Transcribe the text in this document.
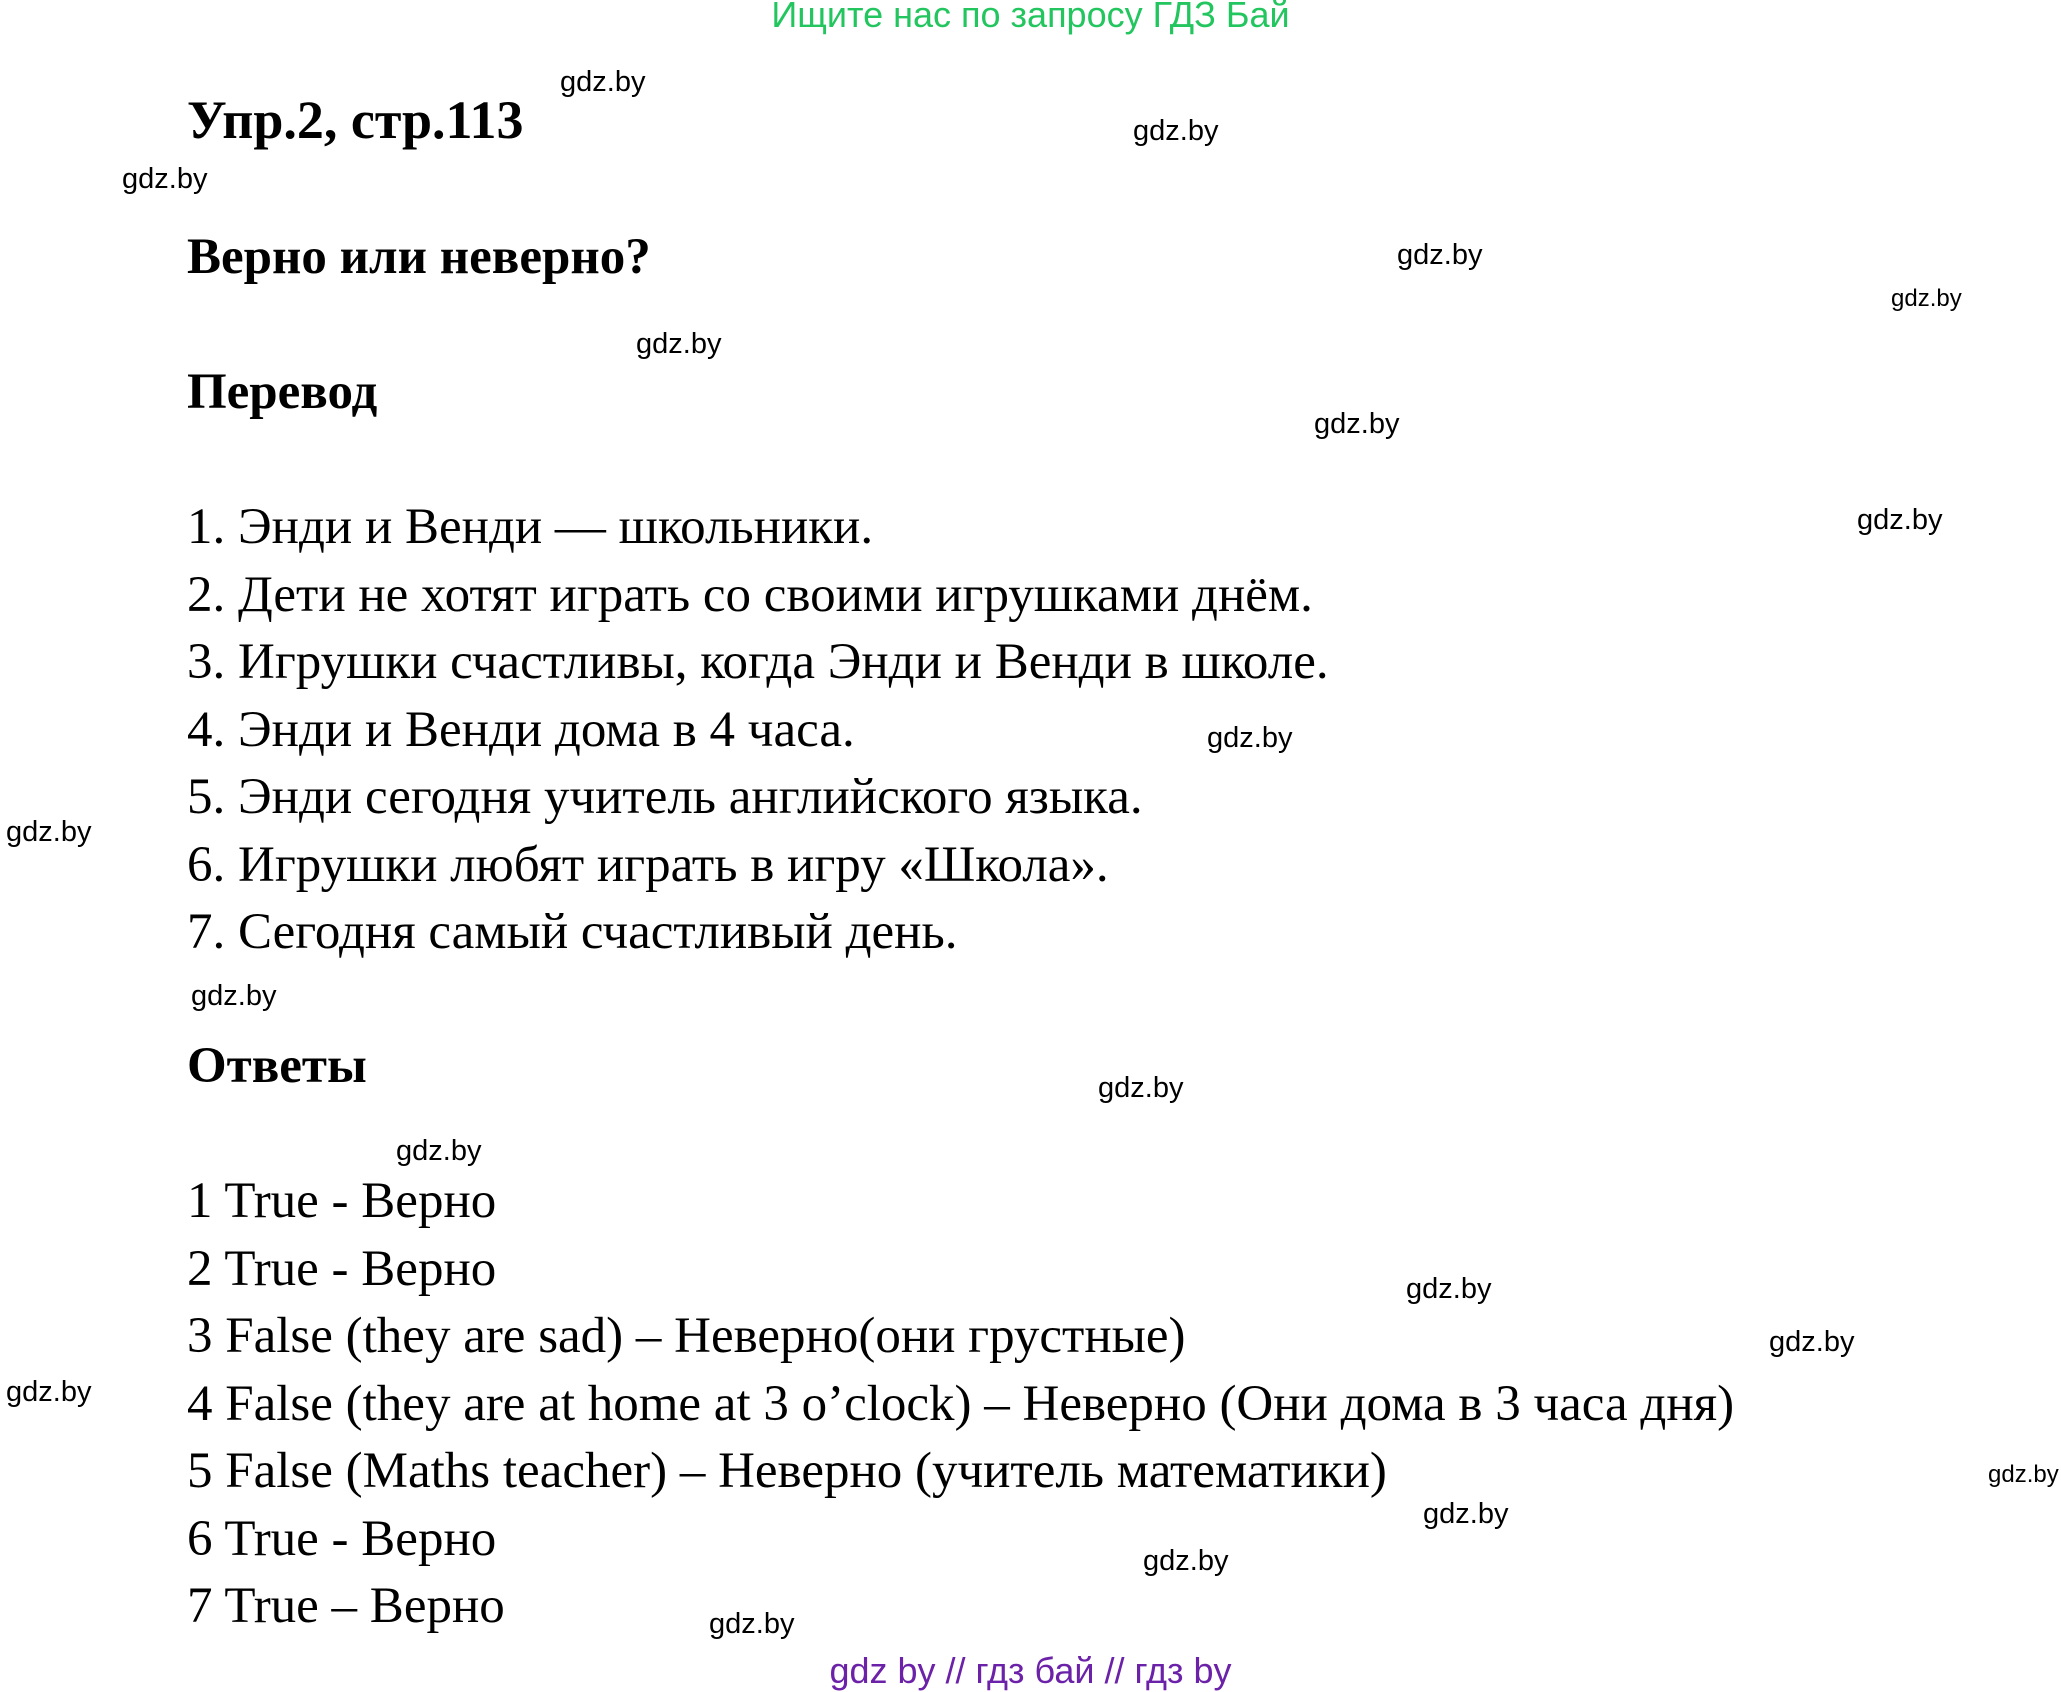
Ищите нас по запросу ГДЗ Бай
Упр.2, стр.113
Верно или неверно?
Перевод
1. Энди и Венди — школьники.
2. Дети не хотят играть со своими игрушками днём.
3. Игрушки счастливы, когда Энди и Венди в школе.
4. Энди и Венди дома в 4 часа.
5. Энди сегодня учитель английского языка.
6. Игрушки любят играть в игру «Школа».
7. Сегодня самый счастливый день.
Ответы
1 True - Верно
2 True - Верно
3 False (they are sad) – Неверно(они грустные)
4 False (they are at home at 3 o’clock) – Неверно (Они дома в 3 часа дня)
5 False (Maths teacher) – Неверно (учитель математики)
6 True - Верно
7 True – Верно
gdz.by
gdz.by
gdz.by
gdz.by
gdz.by
gdz.by
gdz.by
gdz.by
gdz.by
gdz.by
gdz.by
gdz.by
gdz.by
gdz.by
gdz.by
gdz.by
gdz.by
gdz.by
gdz.by
gdz.by
gdz by // гдз бай // гдз by
